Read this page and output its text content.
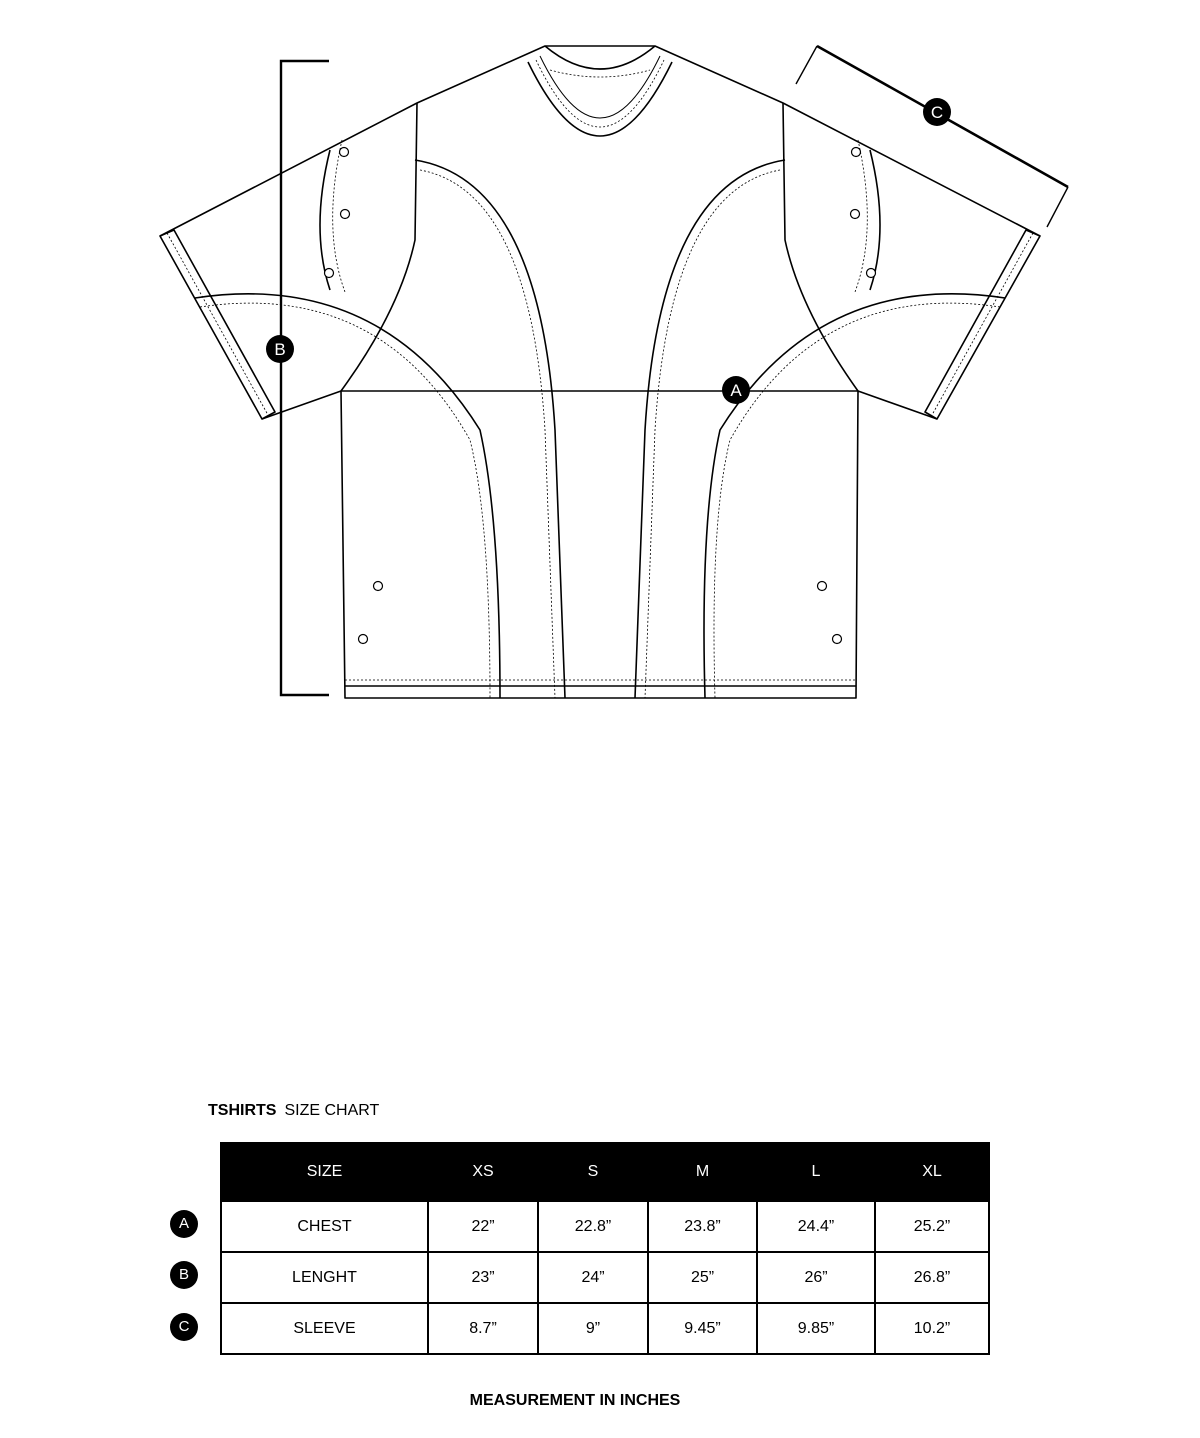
A
B
C
TSHIRTS SIZE CHART
A
B
C
SIZE	XS	S	M	L	XL
CHEST	22”	22.8”	23.8”	24.4”	25.2”
LENGHT	23”	24”	25”	26”	26.8”
SLEEVE	8.7”	9”	9.45”	9.85”	10.2”
MEASUREMENT IN INCHES
